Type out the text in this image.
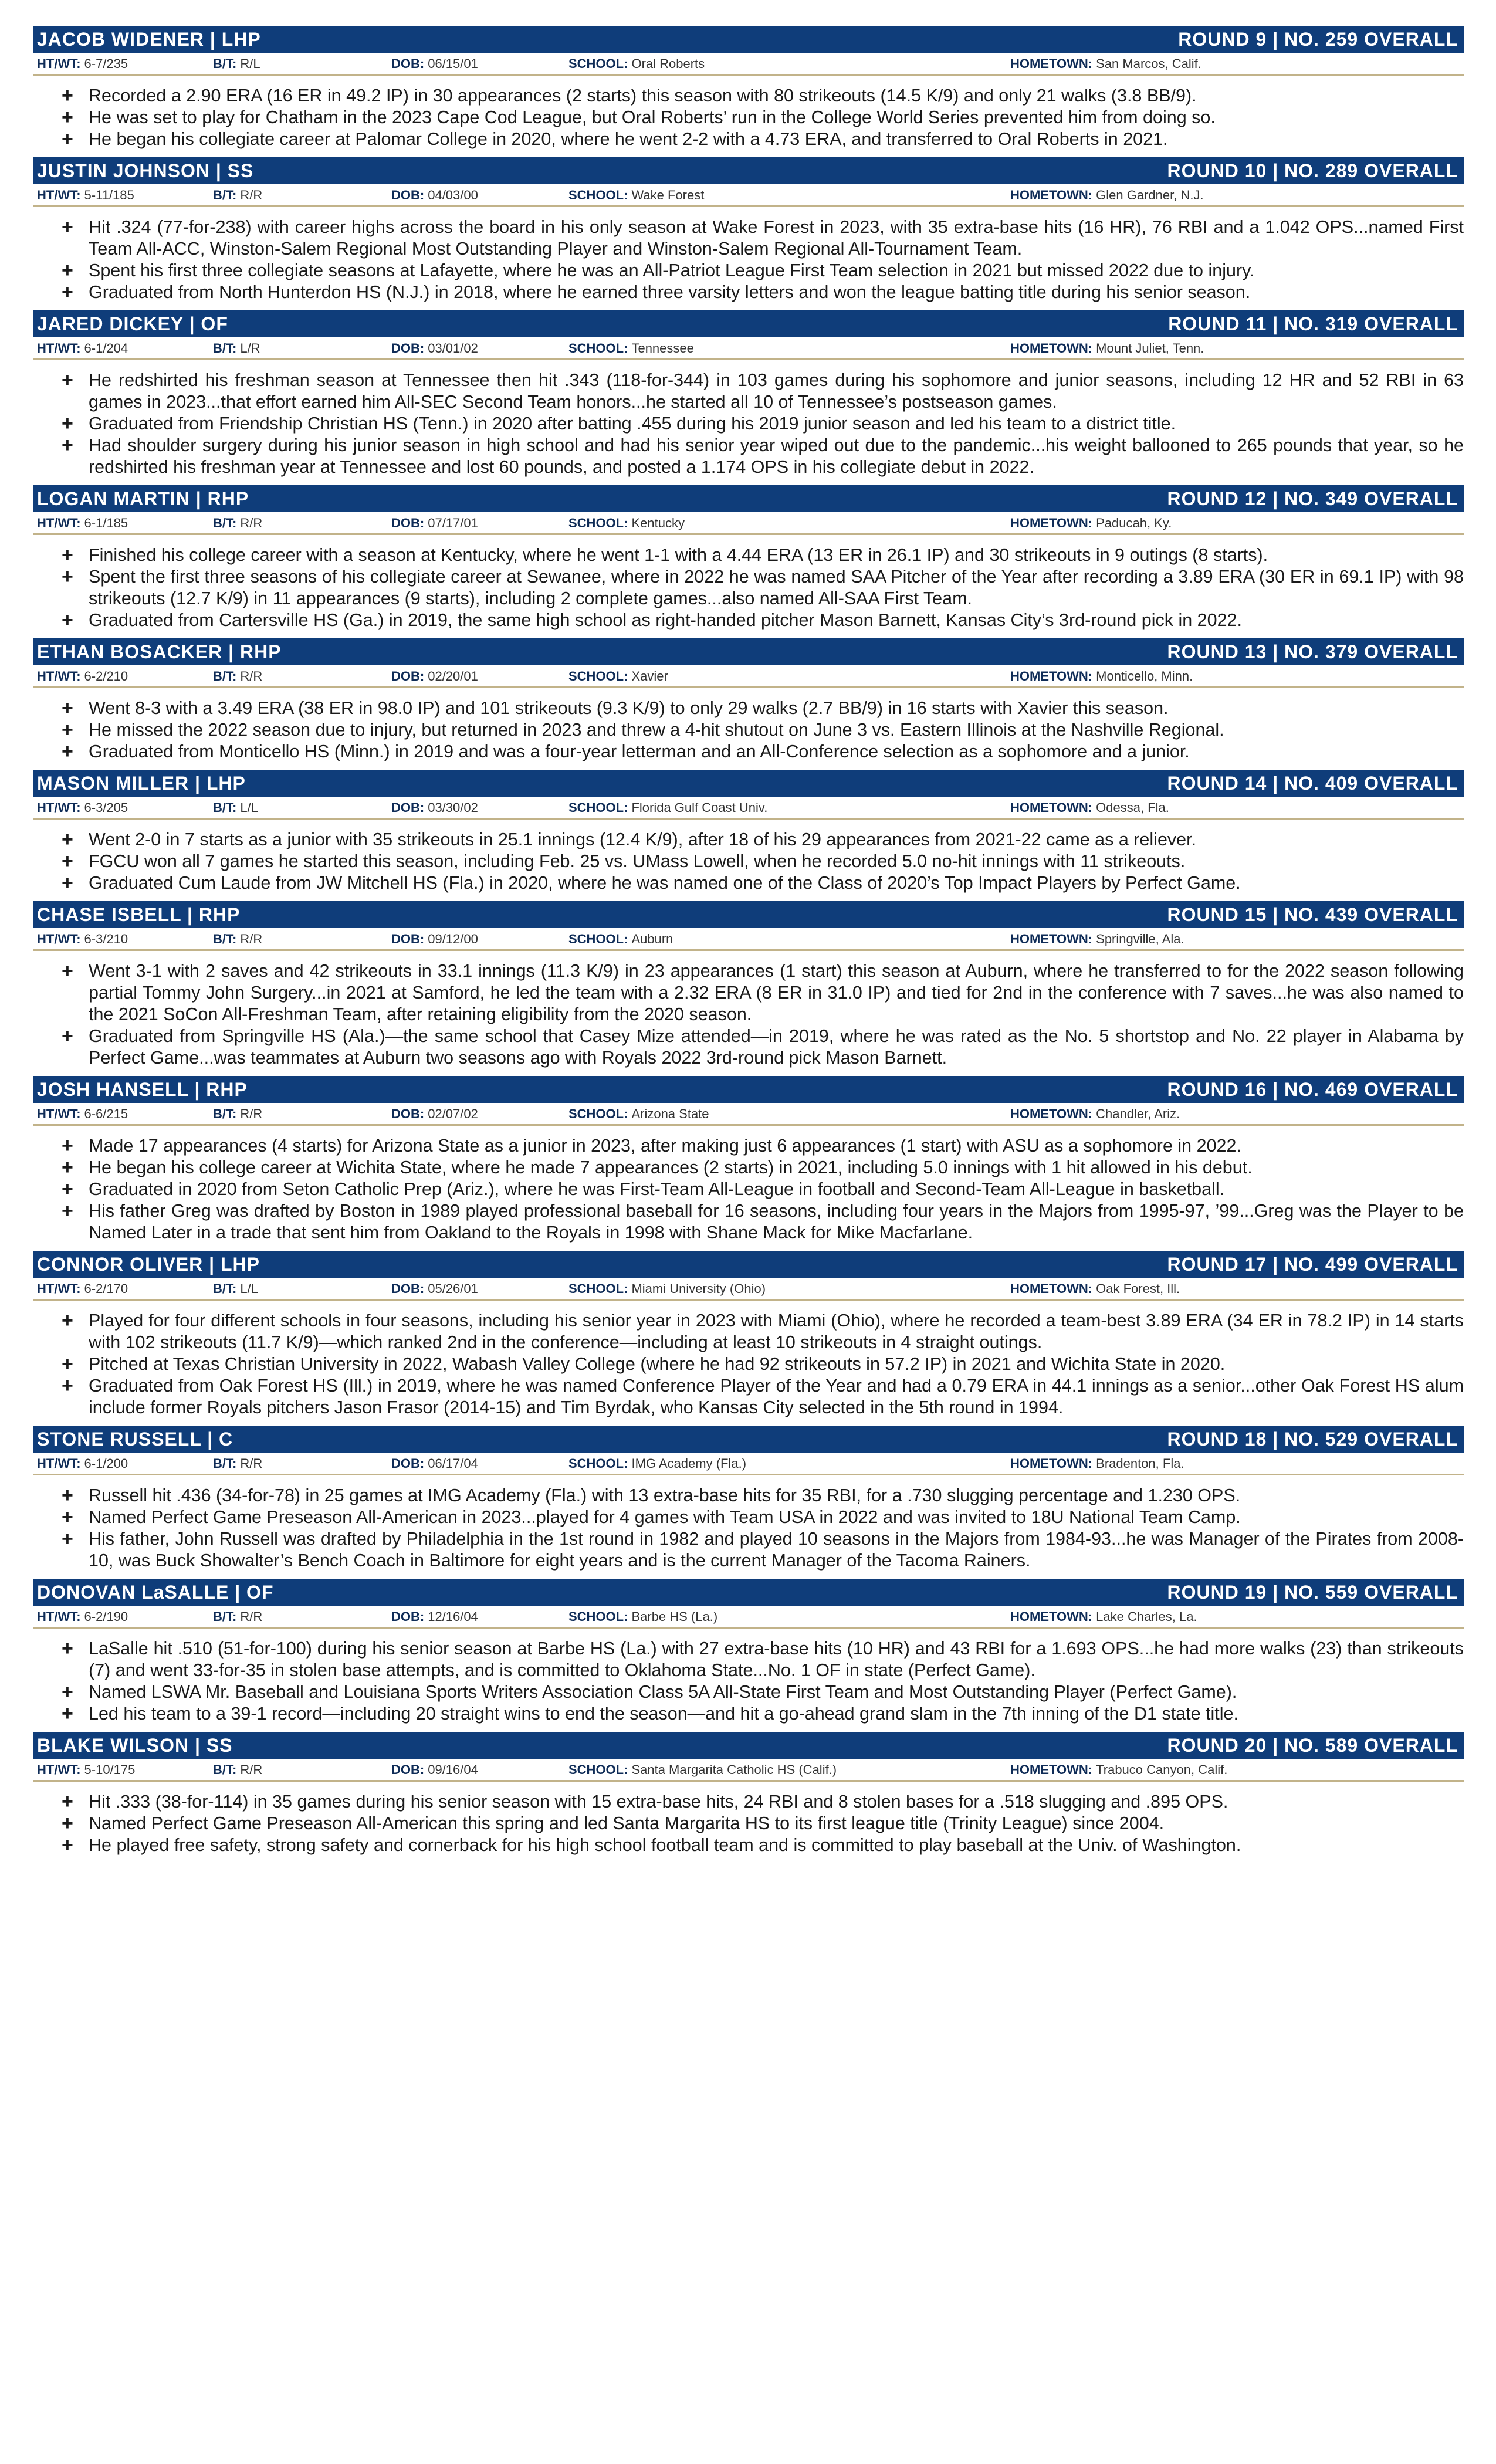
JACOB WIDENER | LHP	ROUND 9 | NO. 259 OVERALL
HT/WT: 6-7/235	B/T: R/L	DOB: 06/15/01	SCHOOL: Oral Roberts	HOMETOWN: San Marcos, Calif.
+ Recorded a 2.90 ERA (16 ER in 49.2 IP) in 30 appearances (2 starts) this season with 80 strikeouts (14.5 K/9) and only 21 walks (3.8 BB/9).
+ He was set to play for Chatham in the 2023 Cape Cod League, but Oral Roberts’ run in the College World Series prevented him from doing so.
+ He began his collegiate career at Palomar College in 2020, where he went 2-2 with a 4.73 ERA, and transferred to Oral Roberts in 2021.
JUSTIN JOHNSON | SS	ROUND 10 | NO. 289 OVERALL
HT/WT: 5-11/185	B/T: R/R	DOB: 04/03/00	SCHOOL: Wake Forest	HOMETOWN: Glen Gardner, N.J.
+ Hit .324 (77-for-238) with career highs across the board in his only season at Wake Forest in 2023, with 35 extra-base hits (16 HR), 76 RBI and a 1.042 OPS...named First Team All-ACC, Winston-Salem Regional Most Outstanding Player and Winston-Salem Regional All-Tournament Team.
+ Spent his first three collegiate seasons at Lafayette, where he was an All-Patriot League First Team selection in 2021 but missed 2022 due to injury.
+ Graduated from North Hunterdon HS (N.J.) in 2018, where he earned three varsity letters and won the league batting title during his senior season.
JARED DICKEY | OF	ROUND 11 | NO. 319 OVERALL
HT/WT: 6-1/204	B/T: L/R	DOB: 03/01/02	SCHOOL: Tennessee	HOMETOWN: Mount Juliet, Tenn.
+ He redshirted his freshman season at Tennessee then hit .343 (118-for-344) in 103 games during his sophomore and junior seasons, including 12 HR and 52 RBI in 63 games in 2023...that effort earned him All-SEC Second Team honors...he started all 10 of Tennessee’s postseason games.
+ Graduated from Friendship Christian HS (Tenn.) in 2020 after batting .455 during his 2019 junior season and led his team to a district title.
+ Had shoulder surgery during his junior season in high school and had his senior year wiped out due to the pandemic...his weight ballooned to 265 pounds that year, so he redshirted his freshman year at Tennessee and lost 60 pounds, and posted a 1.174 OPS in his collegiate debut in 2022.
LOGAN MARTIN | RHP	ROUND 12 | NO. 349 OVERALL
HT/WT: 6-1/185	B/T: R/R	DOB: 07/17/01	SCHOOL: Kentucky	HOMETOWN: Paducah, Ky.
+ Finished his college career with a season at Kentucky, where he went 1-1 with a 4.44 ERA (13 ER in 26.1 IP) and 30 strikeouts in 9 outings (8 starts).
+ Spent the first three seasons of his collegiate career at Sewanee, where in 2022 he was named SAA Pitcher of the Year after recording a 3.89 ERA (30 ER in 69.1 IP) with 98 strikeouts (12.7 K/9) in 11 appearances (9 starts), including 2 complete games...also named All-SAA First Team.
+ Graduated from Cartersville HS (Ga.) in 2019, the same high school as right-handed pitcher Mason Barnett, Kansas City’s 3rd-round pick in 2022.
ETHAN BOSACKER | RHP	ROUND 13 | NO. 379 OVERALL
HT/WT: 6-2/210	B/T: R/R	DOB: 02/20/01	SCHOOL: Xavier	HOMETOWN: Monticello, Minn.
+ Went 8-3 with a 3.49 ERA (38 ER in 98.0 IP) and 101 strikeouts (9.3 K/9) to only 29 walks (2.7 BB/9) in 16 starts with Xavier this season.
+ He missed the 2022 season due to injury, but returned in 2023 and threw a 4-hit shutout on June 3 vs. Eastern Illinois at the Nashville Regional.
+ Graduated from Monticello HS (Minn.) in 2019 and was a four-year letterman and an All-Conference selection as a sophomore and a junior.
MASON MILLER | LHP	ROUND 14 | NO. 409 OVERALL
HT/WT: 6-3/205	B/T: L/L	DOB: 03/30/02	SCHOOL: Florida Gulf Coast Univ.	HOMETOWN: Odessa, Fla.
+ Went 2-0 in 7 starts as a junior with 35 strikeouts in 25.1 innings (12.4 K/9), after 18 of his 29 appearances from 2021-22 came as a reliever.
+ FGCU won all 7 games he started this season, including Feb. 25 vs. UMass Lowell, when he recorded 5.0 no-hit innings with 11 strikeouts.
+ Graduated Cum Laude from JW Mitchell HS (Fla.) in 2020, where he was named one of the Class of 2020’s Top Impact Players by Perfect Game.
CHASE ISBELL | RHP	ROUND 15 | NO. 439 OVERALL
HT/WT: 6-3/210	B/T: R/R	DOB: 09/12/00	SCHOOL: Auburn	HOMETOWN: Springville, Ala.
+ Went 3-1 with 2 saves and 42 strikeouts in 33.1 innings (11.3 K/9) in 23 appearances (1 start) this season at Auburn, where he transferred to for the 2022 season following partial Tommy John Surgery...in 2021 at Samford, he led the team with a 2.32 ERA (8 ER in 31.0 IP) and tied for 2nd in the conference with 7 saves...he was also named to the 2021 SoCon All-Freshman Team, after retaining eligibility from the 2020 season.
+ Graduated from Springville HS (Ala.)—the same school that Casey Mize attended—in 2019, where he was rated as the No. 5 shortstop and No. 22 player in Alabama by Perfect Game...was teammates at Auburn two seasons ago with Royals 2022 3rd-round pick Mason Barnett.
JOSH HANSELL | RHP	ROUND 16 | NO. 469 OVERALL
HT/WT: 6-6/215	B/T: R/R	DOB: 02/07/02	SCHOOL: Arizona State	HOMETOWN: Chandler, Ariz.
+ Made 17 appearances (4 starts) for Arizona State as a junior in 2023, after making just 6 appearances (1 start) with ASU as a sophomore in 2022.
+ He began his college career at Wichita State, where he made 7 appearances (2 starts) in 2021, including 5.0 innings with 1 hit allowed in his debut.
+ Graduated in 2020 from Seton Catholic Prep (Ariz.), where he was First-Team All-League in football and Second-Team All-League in basketball.
+ His father Greg was drafted by Boston in 1989 played professional baseball for 16 seasons, including four years in the Majors from 1995-97, ’99...Greg was the Player to be Named Later in a trade that sent him from Oakland to the Royals in 1998 with Shane Mack for Mike Macfarlane.
CONNOR OLIVER | LHP	ROUND 17 | NO. 499 OVERALL
HT/WT: 6-2/170	B/T: L/L	DOB: 05/26/01	SCHOOL: Miami University (Ohio)	HOMETOWN: Oak Forest, Ill.
+ Played for four different schools in four seasons, including his senior year in 2023 with Miami (Ohio), where he recorded a team-best 3.89 ERA (34 ER in 78.2 IP) in 14 starts with 102 strikeouts (11.7 K/9)—which ranked 2nd in the conference—including at least 10 strikeouts in 4 straight outings.
+ Pitched at Texas Christian University in 2022, Wabash Valley College (where he had 92 strikeouts in 57.2 IP) in 2021 and Wichita State in 2020.
+ Graduated from Oak Forest HS (Ill.) in 2019, where he was named Conference Player of the Year and had a 0.79 ERA in 44.1 innings as a senior...other Oak Forest HS alum include former Royals pitchers Jason Frasor (2014-15) and Tim Byrdak, who Kansas City selected in the 5th round in 1994.
STONE RUSSELL | C	ROUND 18 | NO. 529 OVERALL
HT/WT: 6-1/200	B/T: R/R	DOB: 06/17/04	SCHOOL: IMG Academy (Fla.)	HOMETOWN: Bradenton, Fla.
+ Russell hit .436 (34-for-78) in 25 games at IMG Academy (Fla.) with 13 extra-base hits for 35 RBI, for a .730 slugging percentage and 1.230 OPS.
+ Named Perfect Game Preseason All-American in 2023...played for 4 games with Team USA in 2022 and was invited to 18U National Team Camp.
+ His father, John Russell was drafted by Philadelphia in the 1st round in 1982 and played 10 seasons in the Majors from 1984-93...he was Manager of the Pirates from 2008-10, was Buck Showalter’s Bench Coach in Baltimore for eight years and is the current Manager of the Tacoma Rainers.
DONOVAN LaSALLE | OF	ROUND 19 | NO. 559 OVERALL
HT/WT: 6-2/190	B/T: R/R	DOB: 12/16/04	SCHOOL: Barbe HS (La.)	HOMETOWN: Lake Charles, La.
+ LaSalle hit .510 (51-for-100) during his senior season at Barbe HS (La.) with 27 extra-base hits (10 HR) and 43 RBI for a 1.693 OPS...he had more walks (23) than strikeouts (7) and went 33-for-35 in stolen base attempts, and is committed to Oklahoma State...No. 1 OF in state (Perfect Game).
+ Named LSWA Mr. Baseball and Louisiana Sports Writers Association Class 5A All-State First Team and Most Outstanding Player (Perfect Game).
+ Led his team to a 39-1 record—including 20 straight wins to end the season—and hit a go-ahead grand slam in the 7th inning of the D1 state title.
BLAKE WILSON | SS	ROUND 20 | NO. 589 OVERALL
HT/WT: 5-10/175	B/T: R/R	DOB: 09/16/04	SCHOOL: Santa Margarita Catholic HS (Calif.)	HOMETOWN: Trabuco Canyon, Calif.
+ Hit .333 (38-for-114) in 35 games during his senior season with 15 extra-base hits, 24 RBI and 8 stolen bases for a .518 slugging and .895 OPS.
+ Named Perfect Game Preseason All-American this spring and led Santa Margarita HS to its first league title (Trinity League) since 2004.
+ He played free safety, strong safety and cornerback for his high school football team and is committed to play baseball at the Univ. of Washington.
